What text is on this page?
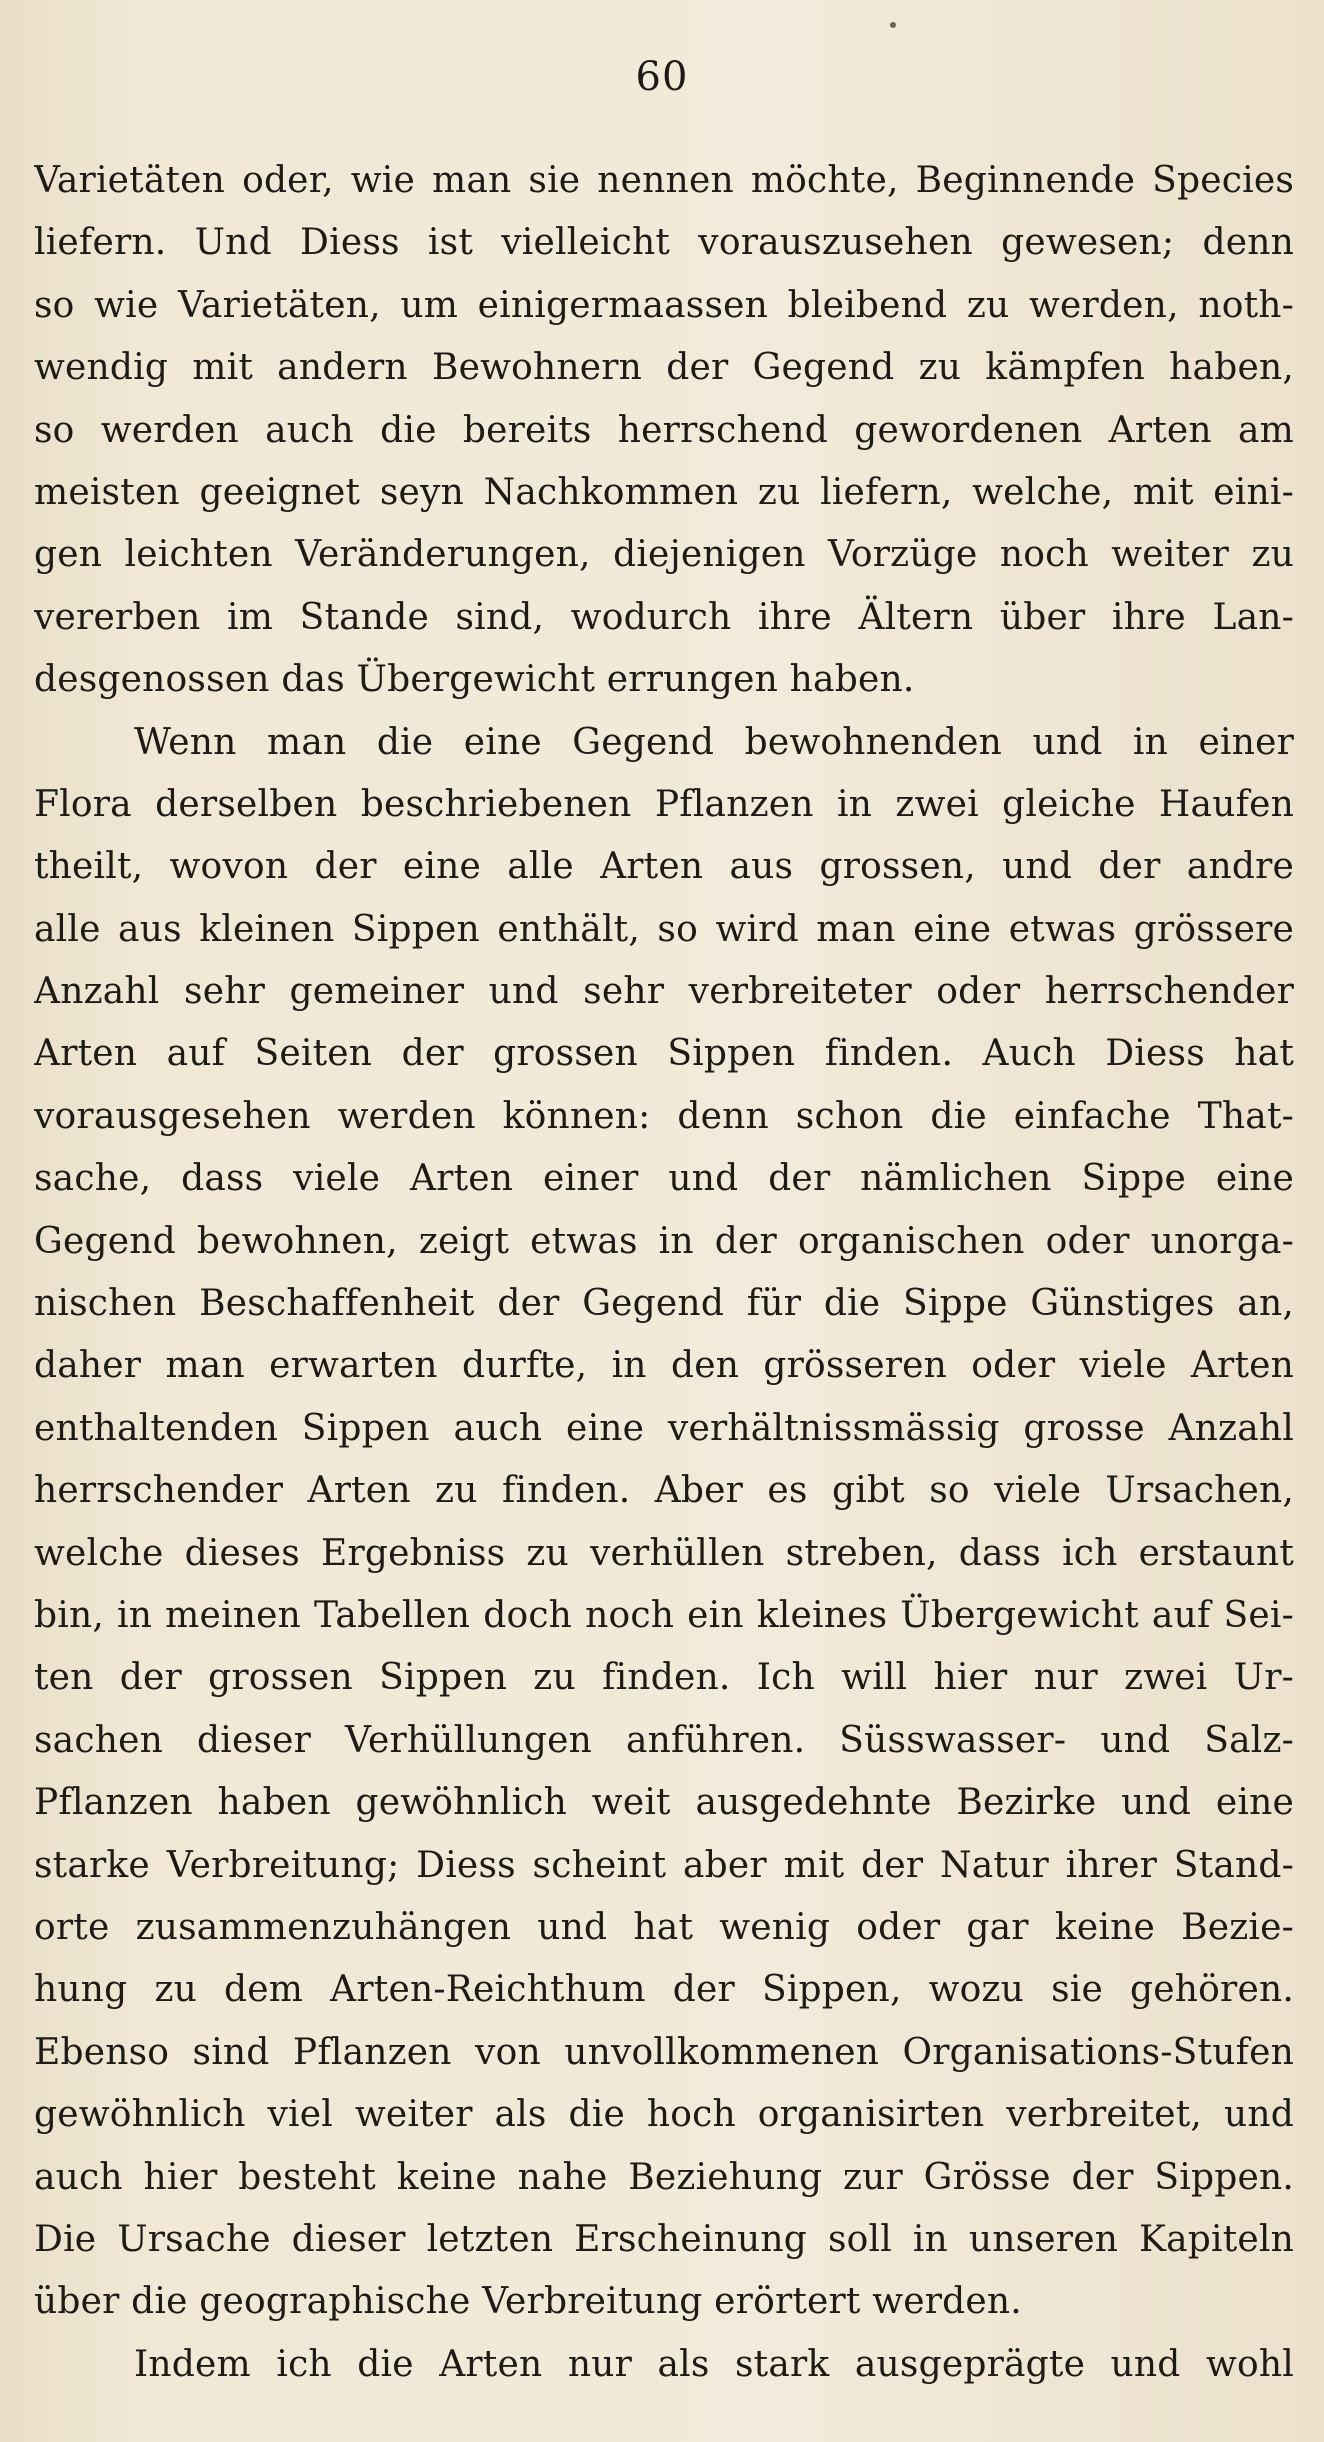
60
Varietäten oder, wie man sie nennen möchte, Beginnende Species
liefern. Und Diess ist vielleicht vorauszusehen gewesen; denn
so wie Varietäten, um einigermaassen bleibend zu werden, noth-
wendig mit andern Bewohnern der Gegend zu kämpfen haben,
so werden auch die bereits herrschend gewordenen Arten am
meisten geeignet seyn Nachkommen zu liefern, welche, mit eini-
gen leichten Veränderungen, diejenigen Vorzüge noch weiter zu
vererben im Stande sind, wodurch ihre Ältern über ihre Lan-
desgenossen das Übergewicht errungen haben.
Wenn man die eine Gegend bewohnenden und in einer
Flora derselben beschriebenen Pflanzen in zwei gleiche Haufen
theilt, wovon der eine alle Arten aus grossen, und der andre
alle aus kleinen Sippen enthält, so wird man eine etwas grössere
Anzahl sehr gemeiner und sehr verbreiteter oder herrschender
Arten auf Seiten der grossen Sippen finden. Auch Diess hat
vorausgesehen werden können: denn schon die einfache That-
sache, dass viele Arten einer und der nämlichen Sippe eine
Gegend bewohnen, zeigt etwas in der organischen oder unorga-
nischen Beschaffenheit der Gegend für die Sippe Günstiges an,
daher man erwarten durfte, in den grösseren oder viele Arten
enthaltenden Sippen auch eine verhältnissmässig grosse Anzahl
herrschender Arten zu finden. Aber es gibt so viele Ursachen,
welche dieses Ergebniss zu verhüllen streben, dass ich erstaunt
bin, in meinen Tabellen doch noch ein kleines Übergewicht auf Sei-
ten der grossen Sippen zu finden. Ich will hier nur zwei Ur-
sachen dieser Verhüllungen anführen. Süsswasser- und Salz-
Pflanzen haben gewöhnlich weit ausgedehnte Bezirke und eine
starke Verbreitung; Diess scheint aber mit der Natur ihrer Stand-
orte zusammenzuhängen und hat wenig oder gar keine Bezie-
hung zu dem Arten-Reichthum der Sippen, wozu sie gehören.
Ebenso sind Pflanzen von unvollkommenen Organisations-Stufen
gewöhnlich viel weiter als die hoch organisirten verbreitet, und
auch hier besteht keine nahe Beziehung zur Grösse der Sippen.
Die Ursache dieser letzten Erscheinung soll in unseren Kapiteln
über die geographische Verbreitung erörtert werden.
Indem ich die Arten nur als stark ausgeprägte und wohl
